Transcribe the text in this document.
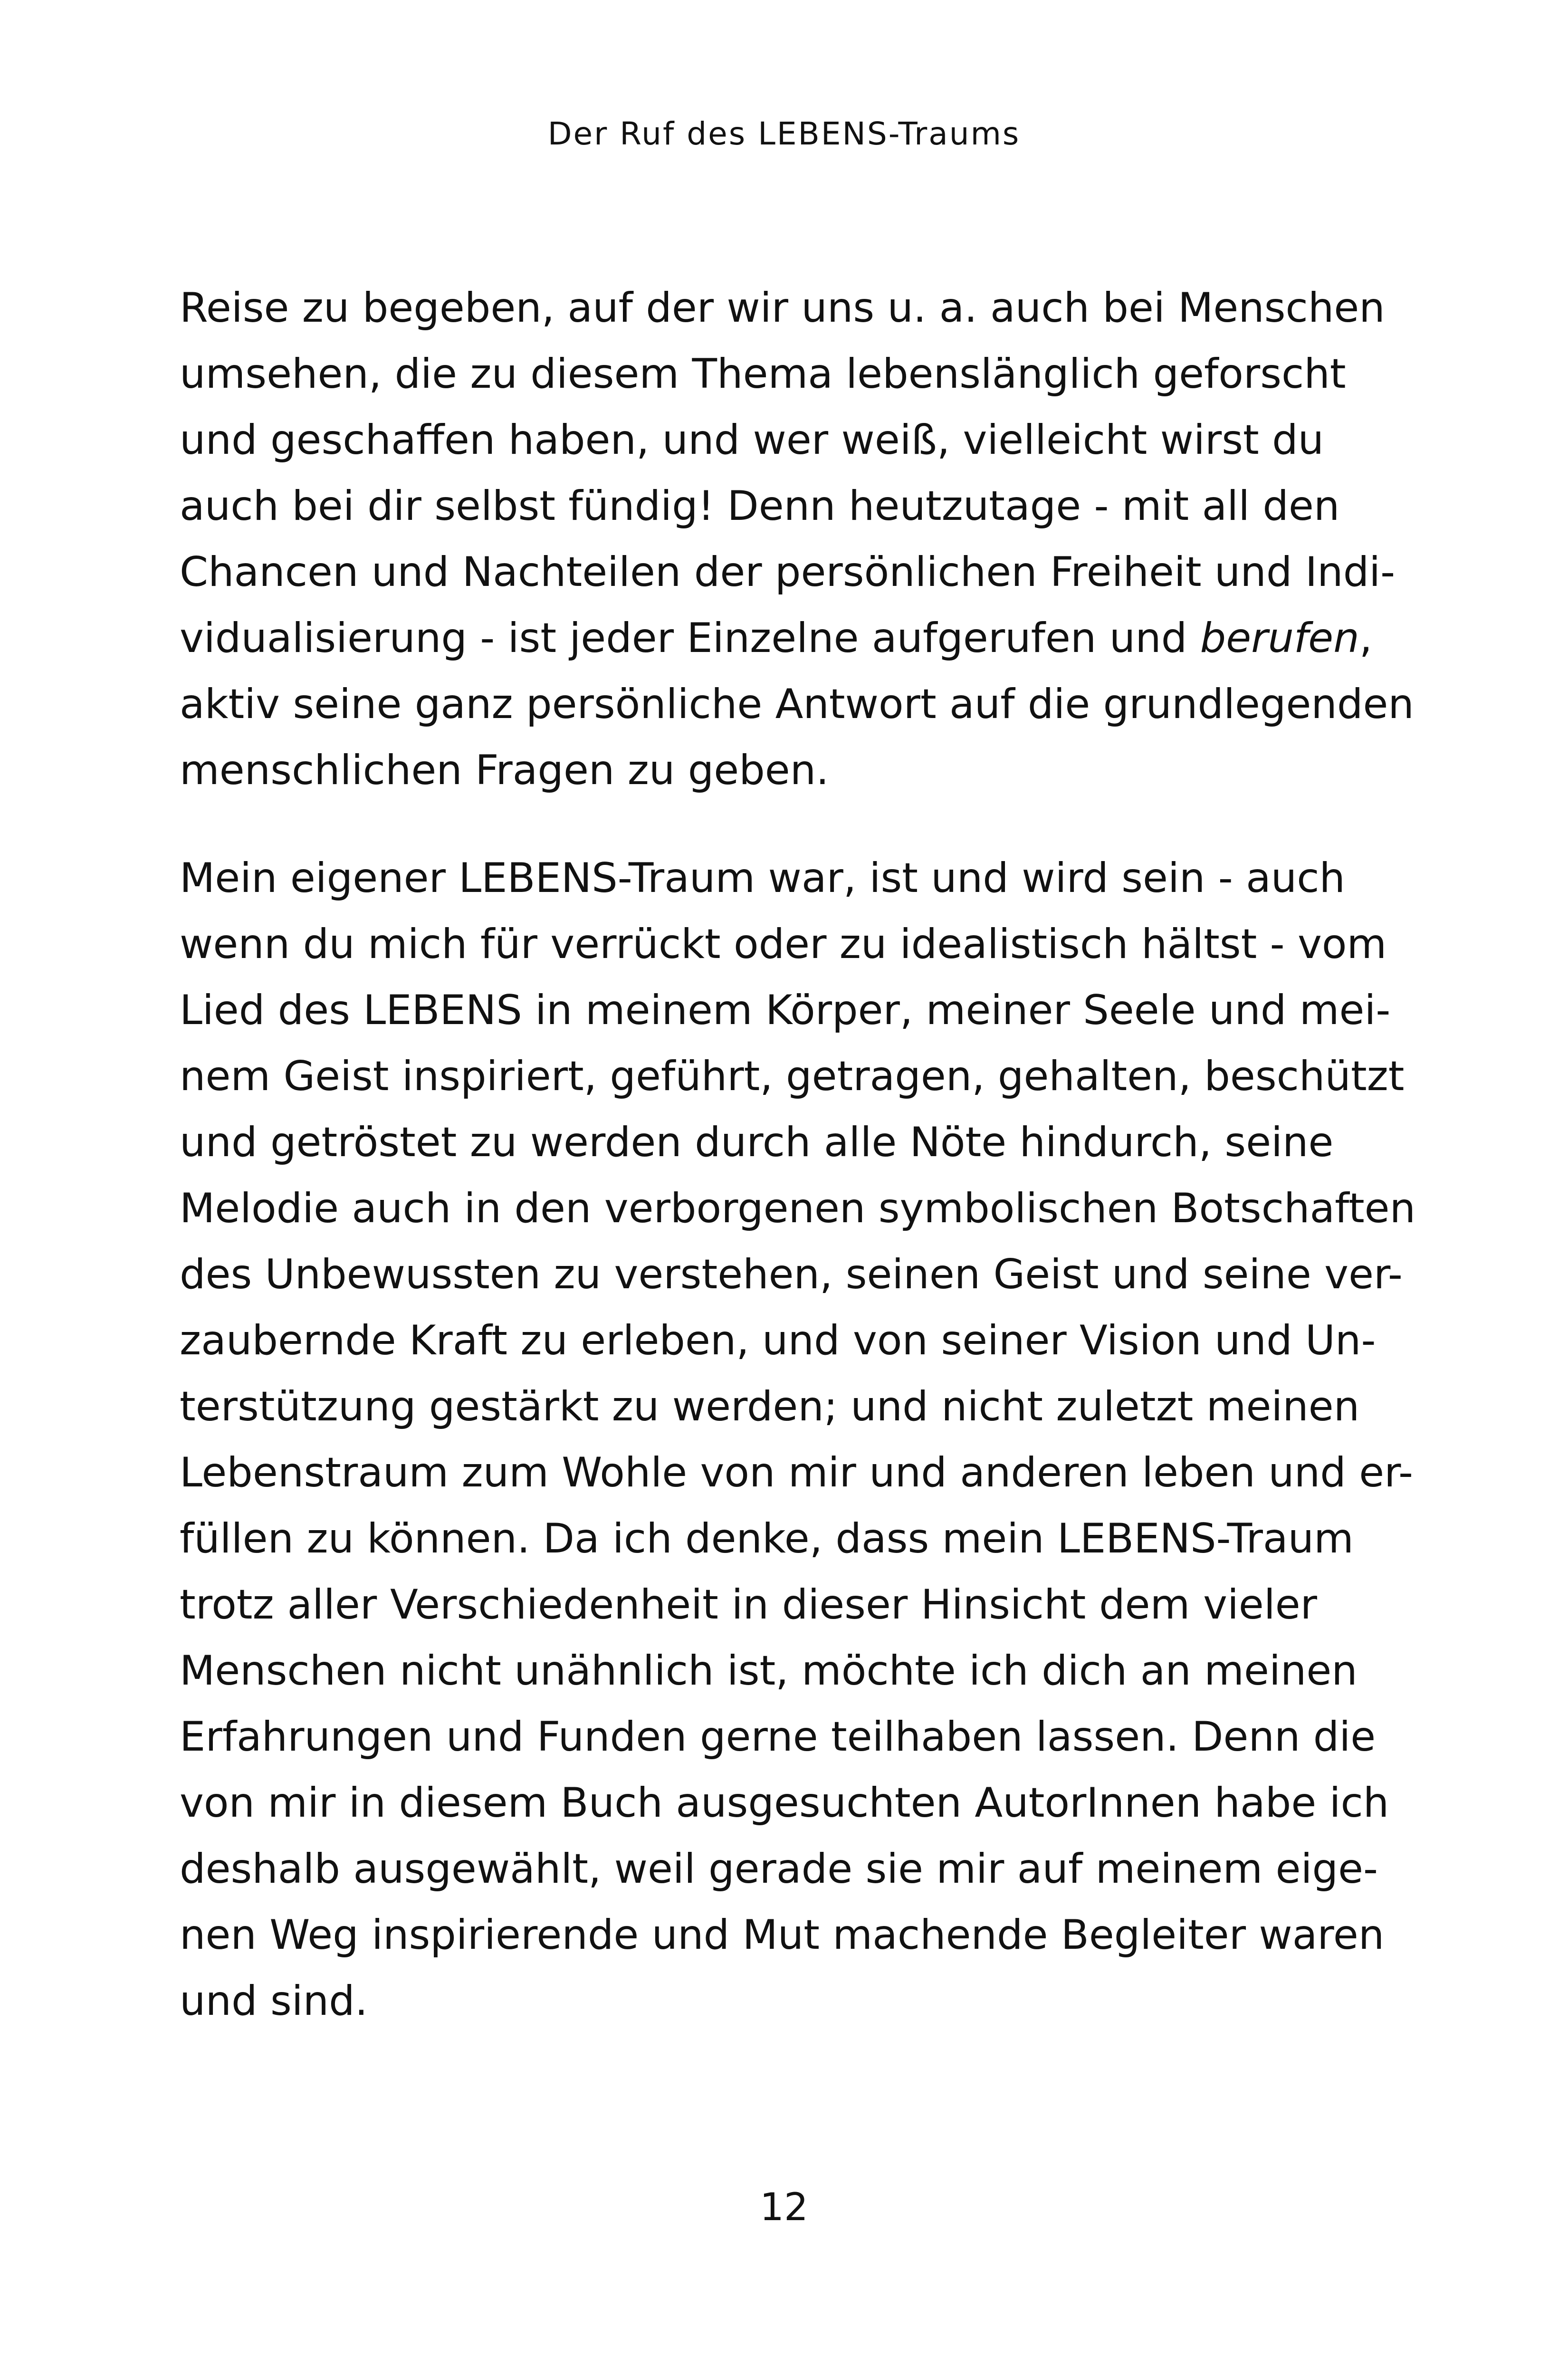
Der Ruf des LEBENS-Traums
Reise zu begeben, auf der wir uns u. a. auch bei Menschen
umsehen, die zu diesem Thema lebenslänglich geforscht
und geschaffen haben, und wer weiß, vielleicht wirst du
auch bei dir selbst fündig! Denn heutzutage - mit all den
Chancen und Nachteilen der persönlichen Freiheit und Indi-
vidualisierung - ist jeder Einzelne aufgerufen und berufen,
aktiv seine ganz persönliche Antwort auf die grundlegenden
menschlichen Fragen zu geben.
Mein eigener LEBENS-Traum war, ist und wird sein - auch
wenn du mich für verrückt oder zu idealistisch hältst - vom
Lied des LEBENS in meinem Körper, meiner Seele und mei-
nem Geist inspiriert, geführt, getragen, gehalten, beschützt
und getröstet zu werden durch alle Nöte hindurch, seine
Melodie auch in den verborgenen symbolischen Botschaften
des Unbewussten zu verstehen, seinen Geist und seine ver-
zaubernde Kraft zu erleben, und von seiner Vision und Un-
terstützung gestärkt zu werden; und nicht zuletzt meinen
Lebenstraum zum Wohle von mir und anderen leben und er-
füllen zu können. Da ich denke, dass mein LEBENS-Traum
trotz aller Verschiedenheit in dieser Hinsicht dem vieler
Menschen nicht unähnlich ist, möchte ich dich an meinen
Erfahrungen und Funden gerne teilhaben lassen. Denn die
von mir in diesem Buch ausgesuchten AutorInnen habe ich
deshalb ausgewählt, weil gerade sie mir auf meinem eige-
nen Weg inspirierende und Mut machende Begleiter waren
und sind.
12
